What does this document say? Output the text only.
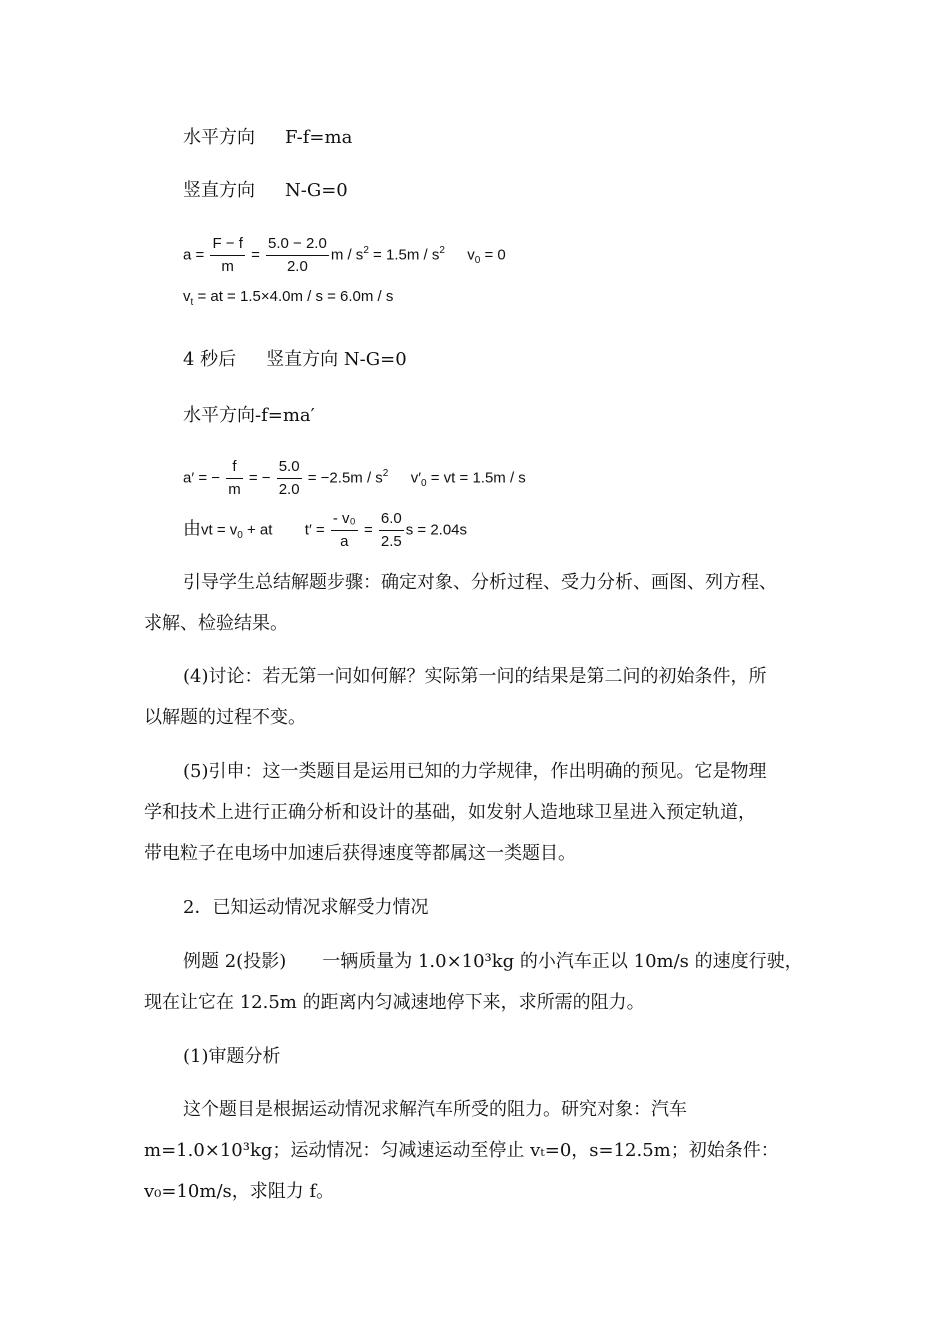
水平方向 F-f=ma
竖直方向 N-G=0
$a = \frac{F - f}{m} = \frac{5.0 - 2.0}{2.0}$ $m / s^2 = 1.5m / s^2$ $v_0 = 0$
$v_t$ = at = 1.5×4.0m / s = 6.0m / s
4 秒后 竖直方向 N-G=0
水平方向-f=ma′
a′ = − $\frac{f}{m}$ = − $\frac{5.0}{2.0} = -2.5m / s^2$ $v'_0$ = vt = 1.5m / s
由vt = $v_0$ + at $t' = \frac{\text{- v₀}}{a} = \frac{6.0}{2.5}$ s = 2.04s
引导学生总结解题步骤：确定对象、分析过程、受力分析、画图、列方程、
求解、检验结果。
(4)讨论：若无第一问如何解？实际第一问的结果是第二问的初始条件，所
以解题的过程不变。
(5)引申：这一类题目是运用已知的力学规律，作出明确的预见。它是物理
学和技术上进行正确分析和设计的基础，如发射人造地球卫星进入预定轨道，
带电粒子在电场中加速后获得速度等都属这一类题目。
2．已知运动情况求解受力情况
例题 2(投影)　　一辆质量为 1.0×10³kg 的小汽车正以 10m/s 的速度行驶，
现在让它在 12.5m 的距离内匀减速地停下来，求所需的阻力。
(1)审题分析
这个题目是根据运动情况求解汽车所受的阻力。研究对象：汽车
m=1.0×10³kg；运动情况：匀减速运动至停止 vₜ=0，s=12.5m；初始条件：
v₀=10m/s，求阻力 f。
